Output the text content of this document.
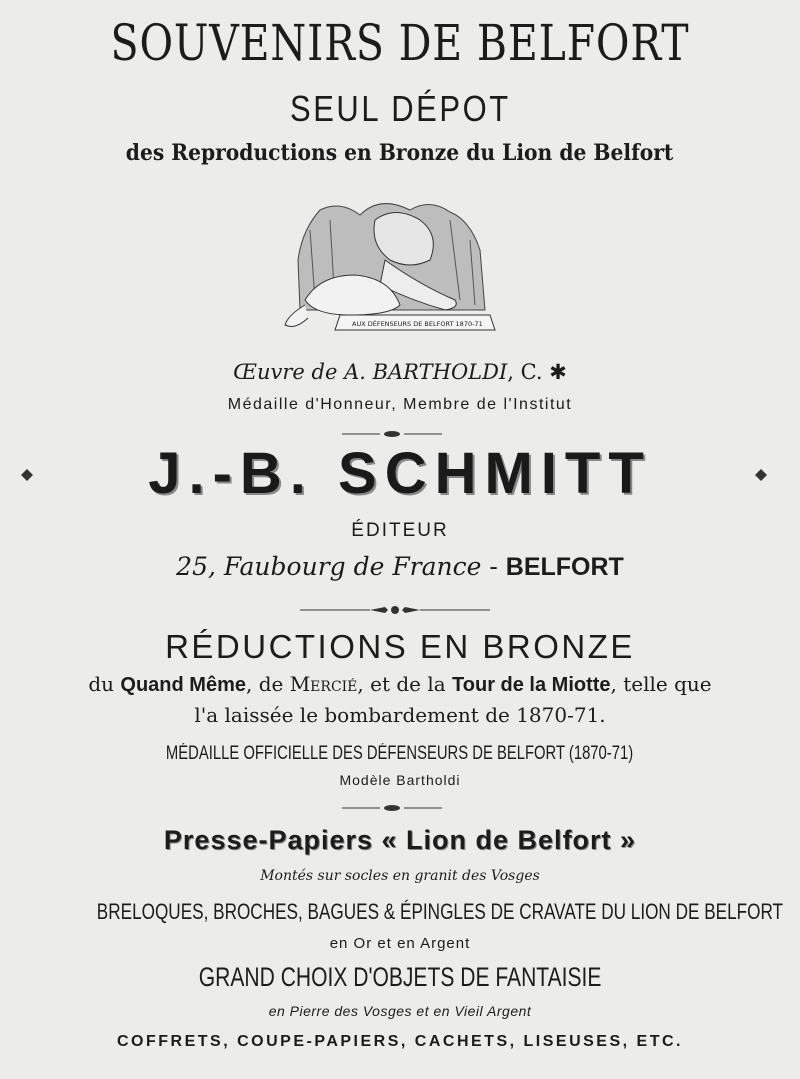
SOUVENIRS DE BELFORT
SEUL DÉPOT
des Reproductions en Bronze du Lion de Belfort
AUX DÉFENSEURS DE BELFORT 1870-71
Œuvre de A. BARTHOLDI, C. ✱
Médaille d'Honneur, Membre de l'Institut
J.-B. SCHMITT
ÉDITEUR
25, Faubourg de France - BELFORT
RÉDUCTIONS EN BRONZE
du Quand Même, de Mercié, et de la Tour de la Miotte, telle que
l'a laissée le bombardement de 1870-71.
MÉDAILLE OFFICIELLE DES DÉFENSEURS DE BELFORT (1870-71)
Modèle Bartholdi
Presse-Papiers « Lion de Belfort »
Montés sur socles en granit des Vosges
BRELOQUES, BROCHES, BAGUES & ÉPINGLES DE CRAVATE DU LION DE BELFORT
en Or et en Argent
GRAND CHOIX D'OBJETS DE FANTAISIE
en Pierre des Vosges et en Vieil Argent
COFFRETS, COUPE-PAPIERS, CACHETS, LISEUSES, ETC.
